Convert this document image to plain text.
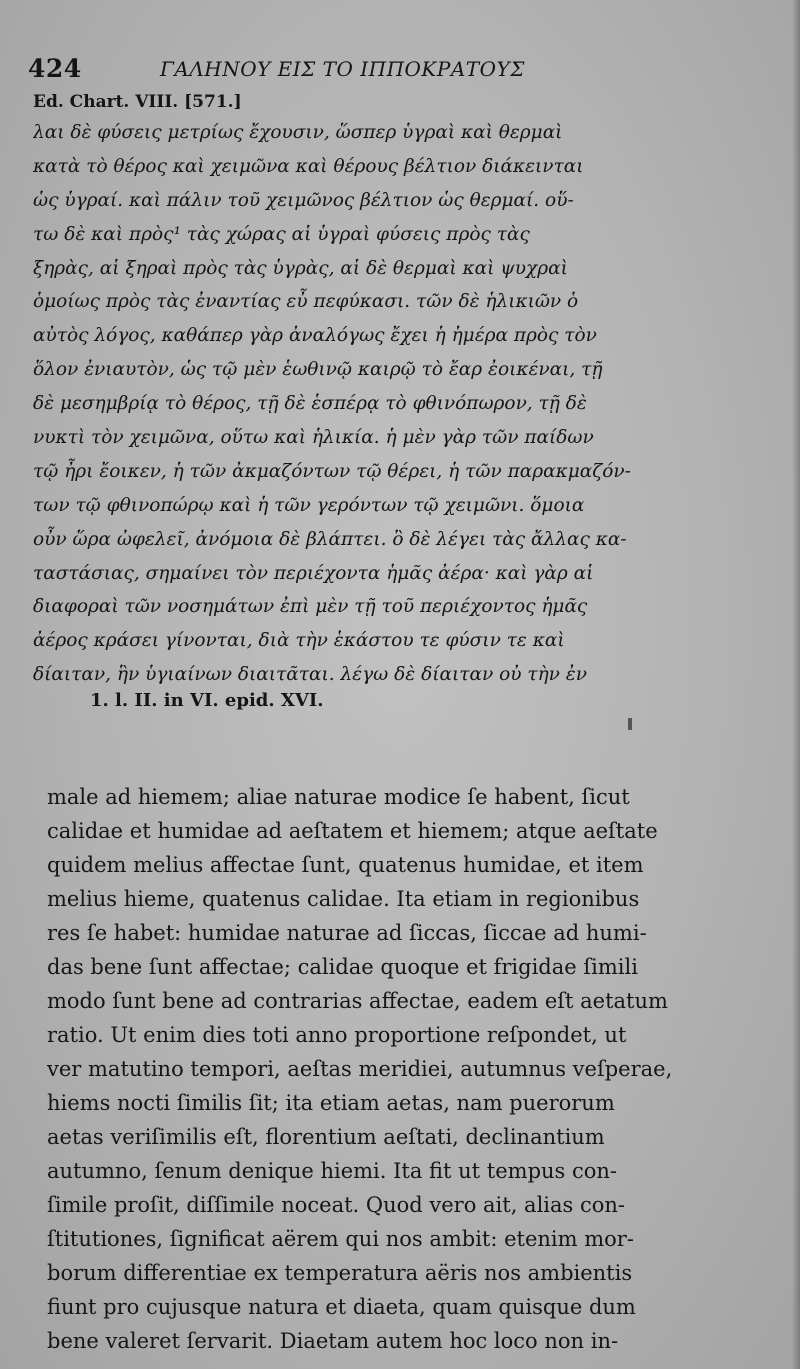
424	ΓΑΛΗΝΟΥ ΕΙΣ ΤΟ ΙΠΠΟΚΡΑΤΟΥΣ
Ed. Chart. VIII. [571.]
λαι δὲ φύσεις μετρίως ἔχουσιν, ὥσπερ ὑγραὶ καὶ θερμαὶ
κατὰ τὸ θέρος καὶ χειμῶνα καὶ θέρους βέλτιον διάκεινται
ὡς ὑγραί. καὶ πάλιν τοῦ χειμῶνος βέλτιον ὡς θερμαί. οὕ-
τω δὲ καὶ πρὸς¹ τὰς χώρας αἱ ὑγραὶ φύσεις πρὸς τὰς
ξηρὰς, αἱ ξηραὶ πρὸς τὰς ὑγρὰς, αἱ δὲ θερμαὶ καὶ ψυχραὶ
ὁμοίως πρὸς τὰς ἐναντίας εὖ πεφύκασι. τῶν δὲ ἡλικιῶν ὁ
αὐτὸς λόγος, καθάπερ γὰρ ἀναλόγως ἔχει ἡ ἡμέρα πρὸς τὸν
ὅλον ἐνιαυτὸν, ὡς τῷ μὲν ἑωθινῷ καιρῷ τὸ ἔαρ ἐοικέναι, τῇ
δὲ μεσημβρίᾳ τὸ θέρος, τῇ δὲ ἑσπέρᾳ τὸ φθινόπωρον, τῇ δὲ
νυκτὶ τὸν χειμῶνα, οὕτω καὶ ἡλικία. ἡ μὲν γὰρ τῶν παίδων
τῷ ἦρι ἔοικεν, ἡ τῶν ἀκμαζόντων τῷ θέρει, ἡ τῶν παρακμαζόν-
των τῷ φθινοπώρῳ καὶ ἡ τῶν γερόντων τῷ χειμῶνι. ὅμοια
οὖν ὥρα ὠφελεῖ, ἀνόμοια δὲ βλάπτει. ὃ δὲ λέγει τὰς ἄλλας κα-
ταστάσιας, σημαίνει τὸν περιέχοντα ἡμᾶς ἀέρα· καὶ γὰρ αἱ
διαφοραὶ τῶν νοσημάτων ἐπὶ μὲν τῇ τοῦ περιέχοντος ἡμᾶς
ἀέρος κράσει γίνονται, διὰ τὴν ἑκάστου τε φύσιν τε καὶ
δίαιταν, ἣν ὑγιαίνων διαιτᾶται. λέγω δὲ δίαιταν οὐ τὴν ἐν
1. l. II. in VI. epid. XVI.
male ad hiemem; aliae naturae modice ſe habent, ſicut
calidae et humidae ad aeſtatem et hiemem; atque aeſtate
quidem melius affectae ſunt, quatenus humidae, et item
melius hieme, quatenus calidae. Ita etiam in regionibus
res ſe habet: humidae naturae ad ſiccas, ſiccae ad humi-
das bene ſunt affectae; calidae quoque et frigidae ſimili
modo ſunt bene ad contrarias affectae, eadem eſt aetatum
ratio. Ut enim dies toti anno proportione reſpondet, ut
ver matutino tempori, aeſtas meridiei, autumnus veſperae,
hiems nocti ſimilis ſit; ita etiam aetas, nam puerorum
aetas veriſimilis eſt, florentium aeſtati, declinantium
autumno, ſenum denique hiemi. Ita fit ut tempus con-
ſimile proſit, diſſimile noceat. Quod vero ait, alias con-
ſtitutiones, ſignificat aërem qui nos ambit: etenim mor-
borum differentiae ex temperatura aëris nos ambientis
fiunt pro cujusque natura et diaeta, quam quisque dum
bene valeret ſervarit. Diaetam autem hoc loco non in-
